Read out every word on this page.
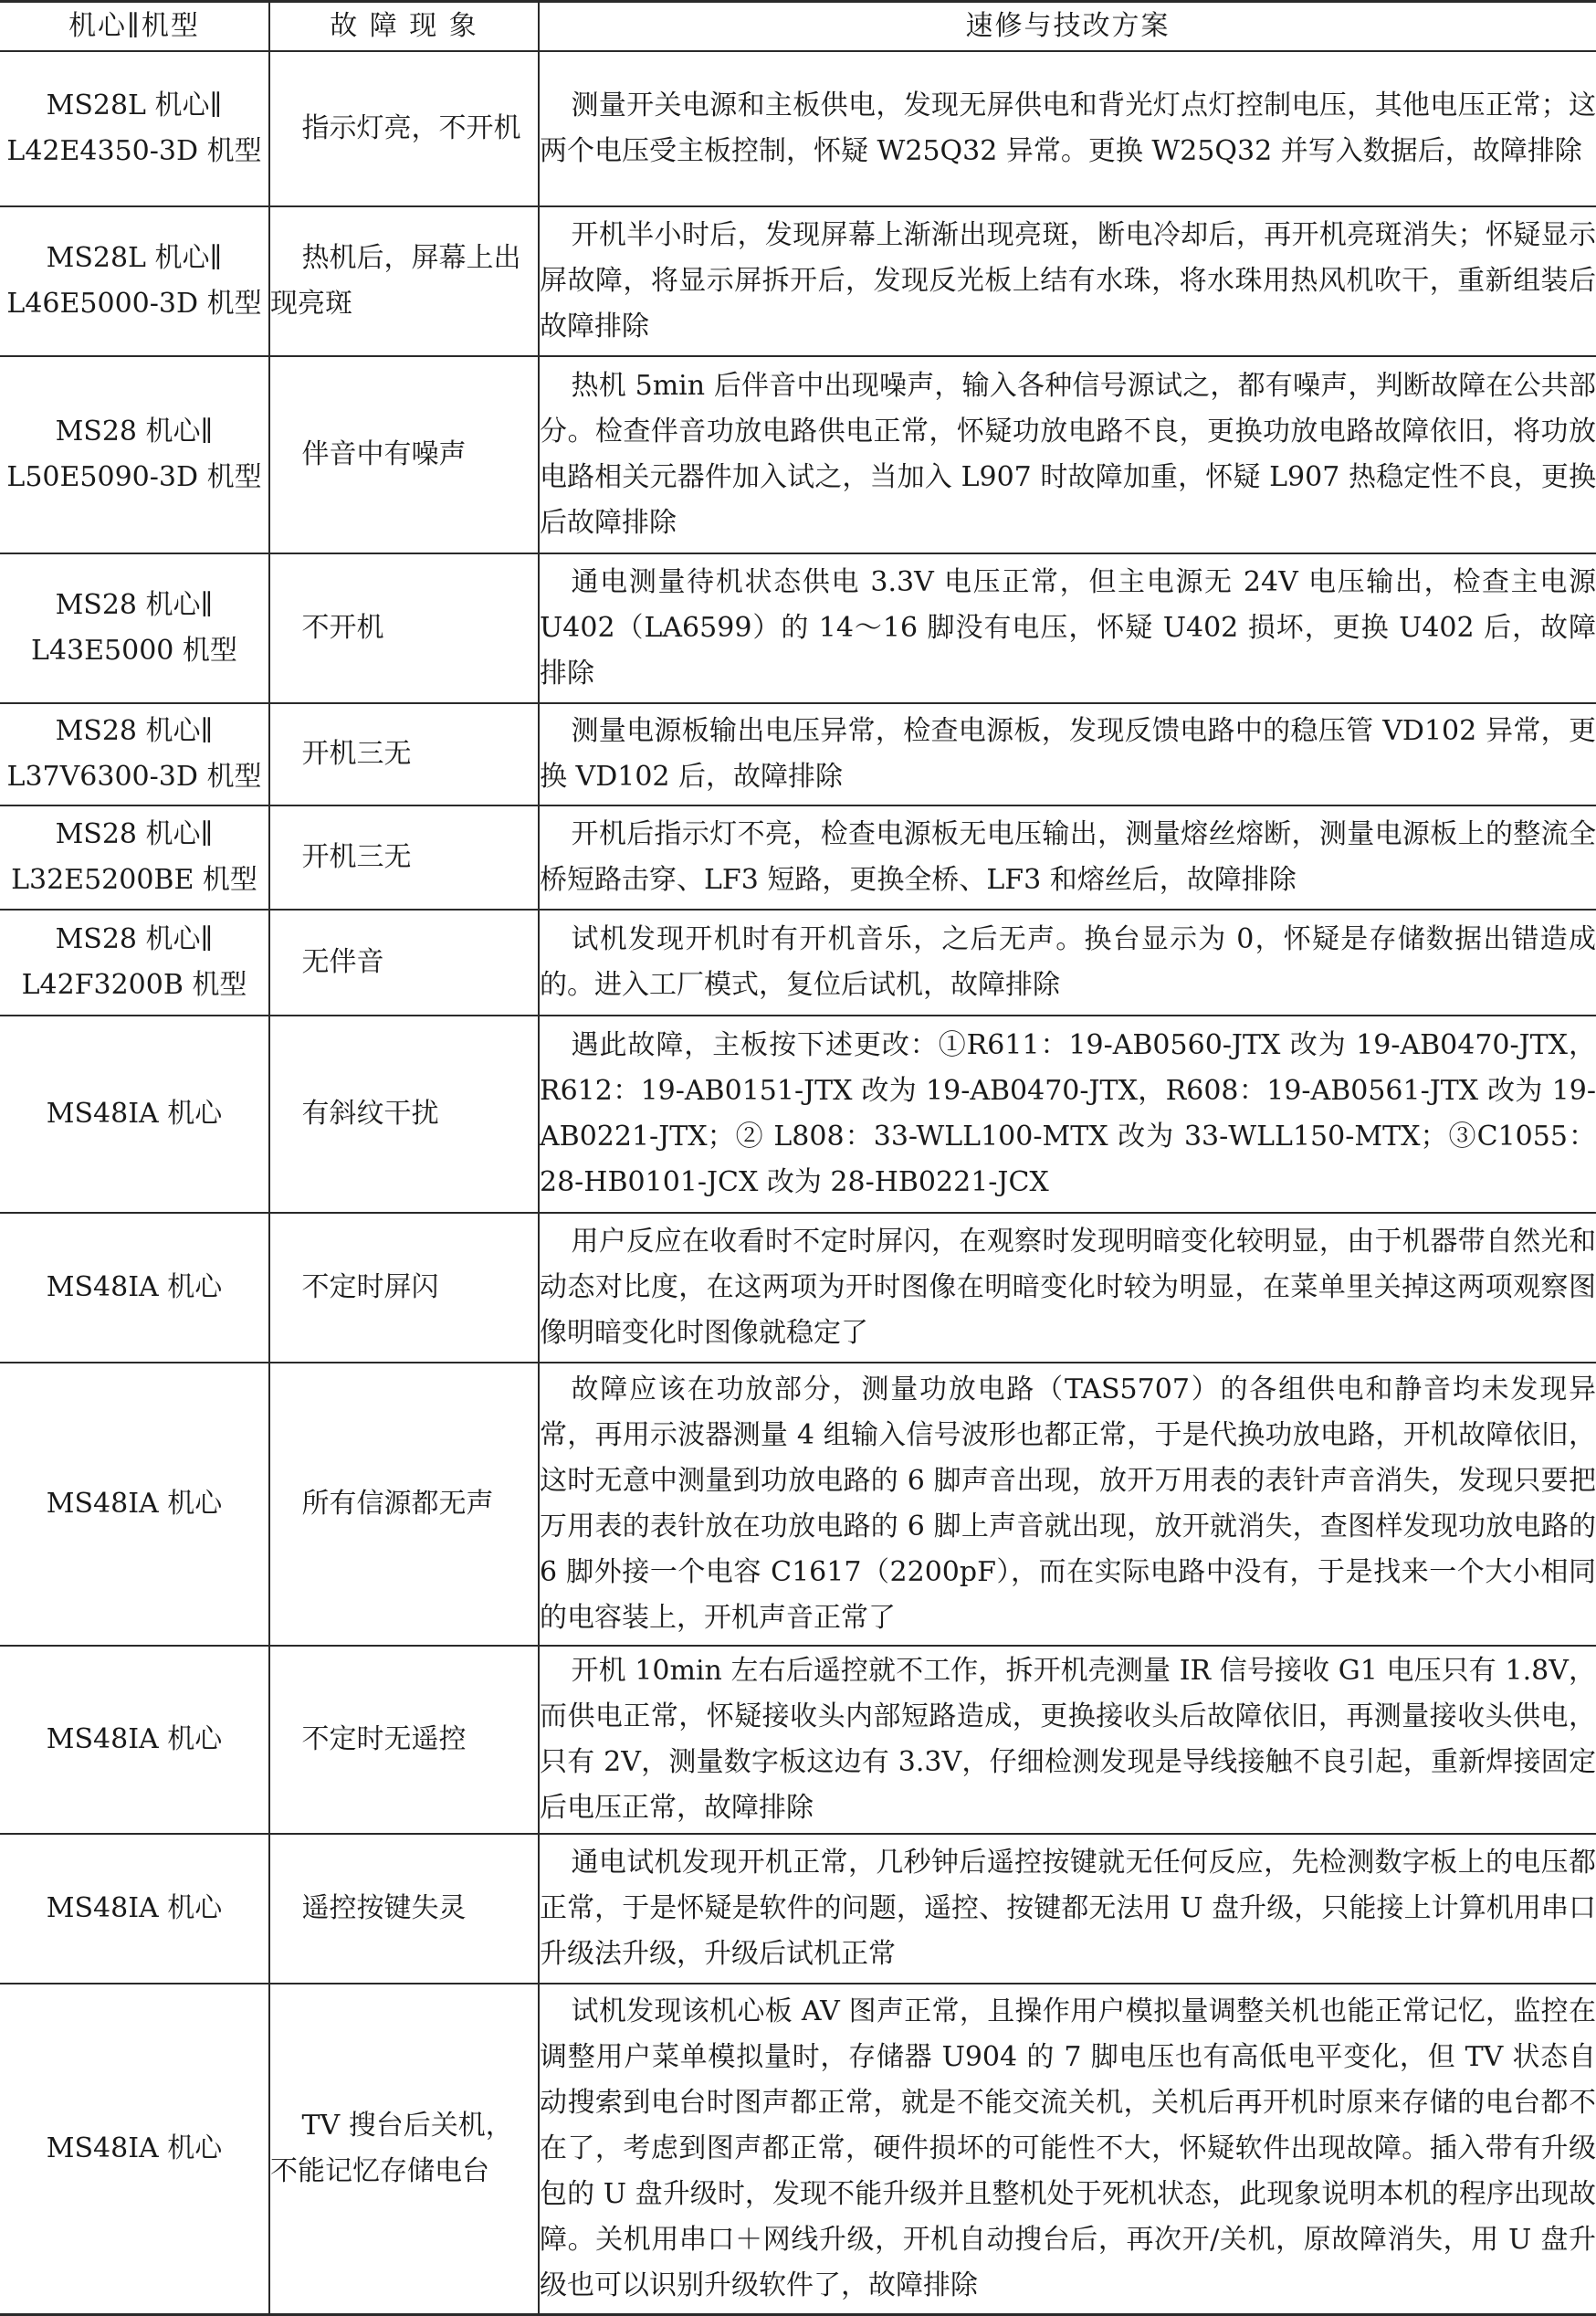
机心∥机型	故 障 现 象	速修与技改方案
MS28L 机心∥ L42E4350-3D 机型	指示灯亮，不开机	测量开关电源和主板供电，发现无屏供电和背光灯点灯控制电压，其他电压正常；这两个电压受主板控制，怀疑 W25Q32 异常。更换 W25Q32 并写入数据后，故障排除

MS28L 机心∥ L46E5000-3D 机型	热机后，屏幕上出现亮斑	开机半小时后，发现屏幕上渐渐出现亮斑，断电冷却后，再开机亮斑消失；怀疑显示屏故障，将显示屏拆开后，发现反光板上结有水珠，将水珠用热风机吹干，重新组装后故障排除

MS28 机心∥ L50E5090-3D 机型	伴音中有噪声	热机 5min 后伴音中出现噪声，输入各种信号源试之，都有噪声，判断故障在公共部分。检查伴音功放电路供电正常，怀疑功放电路不良，更换功放电路故障依旧，将功放电路相关元器件加入试之，当加入 L907 时故障加重，怀疑 L907 热稳定性不良，更换后故障排除

MS28 机心∥ L43E5000 机型	不开机	通电测量待机状态供电 3.3V 电压正常，但主电源无 24V 电压输出，检查主电源 U402（LA6599）的 14～16 脚没有电压，怀疑 U402 损坏，更换 U402 后，故障排除

MS28 机心∥ L37V6300-3D 机型	开机三无	测量电源板输出电压异常，检查电源板，发现反馈电路中的稳压管 VD102 异常，更换 VD102 后，故障排除

MS28 机心∥ L32E5200BE 机型	开机三无	开机后指示灯不亮，检查电源板无电压输出，测量熔丝熔断，测量电源板上的整流全桥短路击穿、LF3 短路，更换全桥、LF3 和熔丝后，故障排除

MS28 机心∥ L42F3200B 机型	无伴音	试机发现开机时有开机音乐，之后无声。换台显示为 0，怀疑是存储数据出错造成的。进入工厂模式，复位后试机，故障排除

MS48IA 机心	有斜纹干扰	遇此故障，主板按下述更改：①R611：19-AB0560-JTX 改为 19-AB0470-JTX，R612：19-AB0151-JTX 改为 19-AB0470-JTX，R608：19-AB0561-JTX 改为 19-AB0221-JTX；② L808：33-WLL100-MTX 改为 33-WLL150-MTX；③C1055：28-HB0101-JCX 改为 28-HB0221-JCX

MS48IA 机心	不定时屏闪	用户反应在收看时不定时屏闪，在观察时发现明暗变化较明显，由于机器带自然光和动态对比度，在这两项为开时图像在明暗变化时较为明显，在菜单里关掉这两项观察图像明暗变化时图像就稳定了

MS48IA 机心	所有信源都无声	故障应该在功放部分，测量功放电路（TAS5707）的各组供电和静音均未发现异常，再用示波器测量 4 组输入信号波形也都正常，于是代换功放电路，开机故障依旧，这时无意中测量到功放电路的 6 脚声音出现，放开万用表的表针声音消失，发现只要把万用表的表针放在功放电路的 6 脚上声音就出现，放开就消失，查图样发现功放电路的 6 脚外接一个电容 C1617（2200pF），而在实际电路中没有，于是找来一个大小相同的电容装上，开机声音正常了

MS48IA 机心	不定时无遥控	开机 10min 左右后遥控就不工作，拆开机壳测量 IR 信号接收 G1 电压只有 1.8V，而供电正常，怀疑接收头内部短路造成，更换接收头后故障依旧，再测量接收头供电，只有 2V，测量数字板这边有 3.3V，仔细检测发现是导线接触不良引起，重新焊接固定后电压正常，故障排除

MS48IA 机心	遥控按键失灵	通电试机发现开机正常，几秒钟后遥控按键就无任何反应，先检测数字板上的电压都正常，于是怀疑是软件的问题，遥控、按键都无法用 U 盘升级，只能接上计算机用串口升级法升级，升级后试机正常

MS48IA 机心	TV 搜台后关机，不能记忆存储电台	试机发现该机心板 AV 图声正常，且操作用户模拟量调整关机也能正常记忆，监控在调整用户菜单模拟量时，存储器 U904 的 7 脚电压也有高低电平变化，但 TV 状态自动搜索到电台时图声都正常，就是不能交流关机，关机后再开机时原来存储的电台都不在了，考虑到图声都正常，硬件损坏的可能性不大，怀疑软件出现故障。插入带有升级包的 U 盘升级时，发现不能升级并且整机处于死机状态，此现象说明本机的程序出现故障。关机用串口＋网线升级，开机自动搜台后，再次开/关机，原故障消失，用 U 盘升级也可以识别升级软件了，故障排除
